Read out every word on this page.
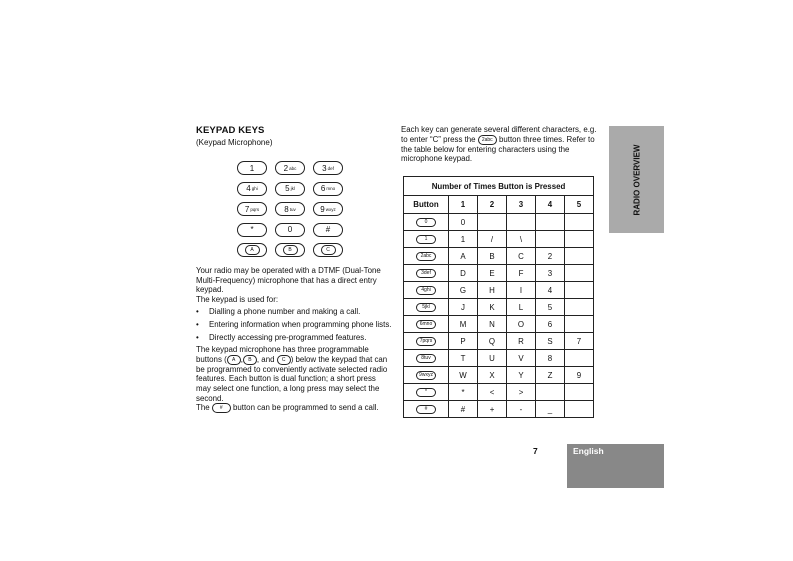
KEYPAD KEYS
(Keypad Microphone)
1	2 abc	3 def
4 ghi	5 jkl	6 mno
7 pqrs	8 tuv	9 wxyz
*	0	#
A	B	C

Your radio may be operated with a DTMF (Dual-Tone Multi-Frequency) microphone that has a direct entry keypad.

The keypad is used for:

•	Dialling a phone number and making a call.
•	Entering information when programming phone lists.
•	Directly accessing pre-programmed features.

The keypad microphone has three programmable buttons ( A , B , and C ) below the keypad that can be programmed to conveniently activate selected radio features. Each button is dual function; a short press may select one function, a long press may select the second.

The # button can be programmed to send a call.

Each key can generate several different characters, e.g. to enter “C” press the 2abc button three times. Refer to the table below for entering characters using the microphone keypad.
Number of Times Button is Pressed					
Button	1	2	3	4	5
0	0				
1	1	/	\		
2abc	A	B	C	2	
3def	D	E	F	3	
4ghi	G	H	I	4	
5jkl	J	K	L	5	
6mno	M	N	O	6	
7pqrs	P	Q	R	S	7
8tuv	T	U	V	8	
9wxyz	W	X	Y	Z	9
*	*	<	>		
#	#	+	-	_	
RADIO OVERVIEW
7	English
